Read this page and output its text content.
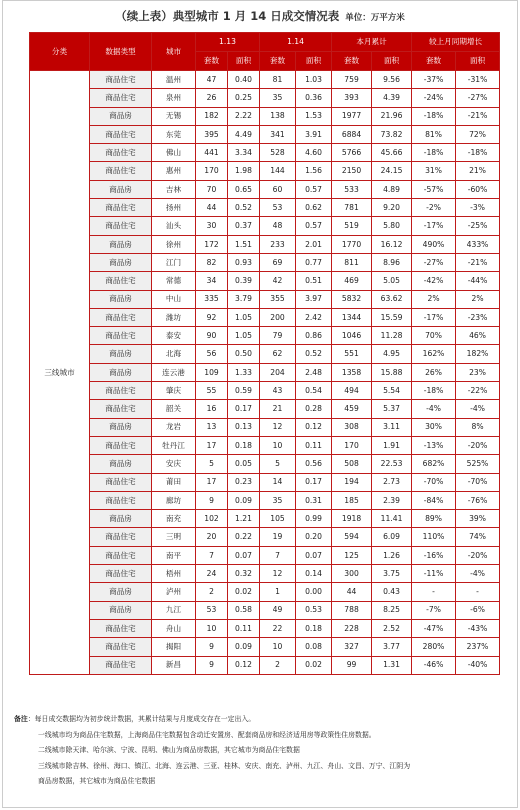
（续上表）典型城市 1 月 14 日成交情况表 单位：万平方米
分类	数据类型	城市	1.13		1.14		本月累计		较上月同期增长	
			套数	面积	套数	面积	套数	面积	套数	面积
三线城市	商品住宅	温州	47	0.40	81	1.03	759	9.56	-37%	-31%
	商品住宅	泉州	26	0.25	35	0.36	393	4.39	-24%	-27%
	商品房	无锡	182	2.22	138	1.53	1977	21.96	-18%	-21%
	商品住宅	东莞	395	4.49	341	3.91	6884	73.82	81%	72%
	商品住宅	佛山	441	3.34	528	4.60	5766	45.66	-18%	-18%
	商品住宅	惠州	170	1.98	144	1.56	2150	24.15	31%	21%
	商品房	吉林	70	0.65	60	0.57	533	4.89	-57%	-60%
	商品住宅	扬州	44	0.52	53	0.62	781	9.20	-2%	-3%
	商品住宅	汕头	30	0.37	48	0.57	519	5.80	-17%	-25%
	商品房	徐州	172	1.51	233	2.01	1770	16.12	490%	433%
	商品房	江门	82	0.93	69	0.77	811	8.96	-27%	-21%
	商品住宅	常德	34	0.39	42	0.51	469	5.05	-42%	-44%
	商品房	中山	335	3.79	355	3.97	5832	63.62	2%	2%
	商品住宅	潍坊	92	1.05	200	2.42	1344	15.59	-17%	-23%
	商品住宅	泰安	90	1.05	79	0.86	1046	11.28	70%	46%
	商品房	北海	56	0.50	62	0.52	551	4.95	162%	182%
	商品房	连云港	109	1.33	204	2.48	1358	15.88	26%	23%
	商品住宅	肇庆	55	0.59	43	0.54	494	5.54	-18%	-22%
	商品住宅	韶关	16	0.17	21	0.28	459	5.37	-4%	-4%
	商品房	龙岩	13	0.13	12	0.12	308	3.11	30%	8%
	商品住宅	牡丹江	17	0.18	10	0.11	170	1.91	-13%	-20%
	商品房	安庆	5	0.05	5	0.56	508	22.53	682%	525%
	商品住宅	莆田	17	0.23	14	0.17	194	2.73	-70%	-70%
	商品住宅	廊坊	9	0.09	35	0.31	185	2.39	-84%	-76%
	商品房	南充	102	1.21	105	0.99	1918	11.41	89%	39%
	商品住宅	三明	20	0.22	19	0.20	594	6.09	110%	74%
	商品住宅	南平	7	0.07	7	0.07	125	1.26	-16%	-20%
	商品住宅	梧州	24	0.32	12	0.14	300	3.75	-11%	-4%
	商品房	泸州	2	0.02	1	0.00	44	0.43	-	-
	商品房	九江	53	0.58	49	0.53	788	8.25	-7%	-6%
	商品住宅	舟山	10	0.11	22	0.18	228	2.52	-47%	-43%
	商品住宅	揭阳	9	0.09	10	0.08	327	3.77	280%	237%
	商品住宅	新昌	9	0.12	2	0.02	99	1.31	-46%	-40%
备注：每日成交数据均为初步统计数据，其累计结果与月度成交存在一定出入。
一线城市均为商品住宅数据，上海商品住宅数据包含动迁安置房、配套商品房和经济适用房等政策性住房数据。
二线城市除天津、哈尔滨、宁波、昆明、佛山为商品房数据，其它城市为商品住宅数据
三线城市除吉林、徐州、海口、镇江、北海、连云港、三亚、桂林、安庆、南充、泸州、九江、舟山、文昌、万宁、江阴为
商品房数据，其它城市为商品住宅数据
